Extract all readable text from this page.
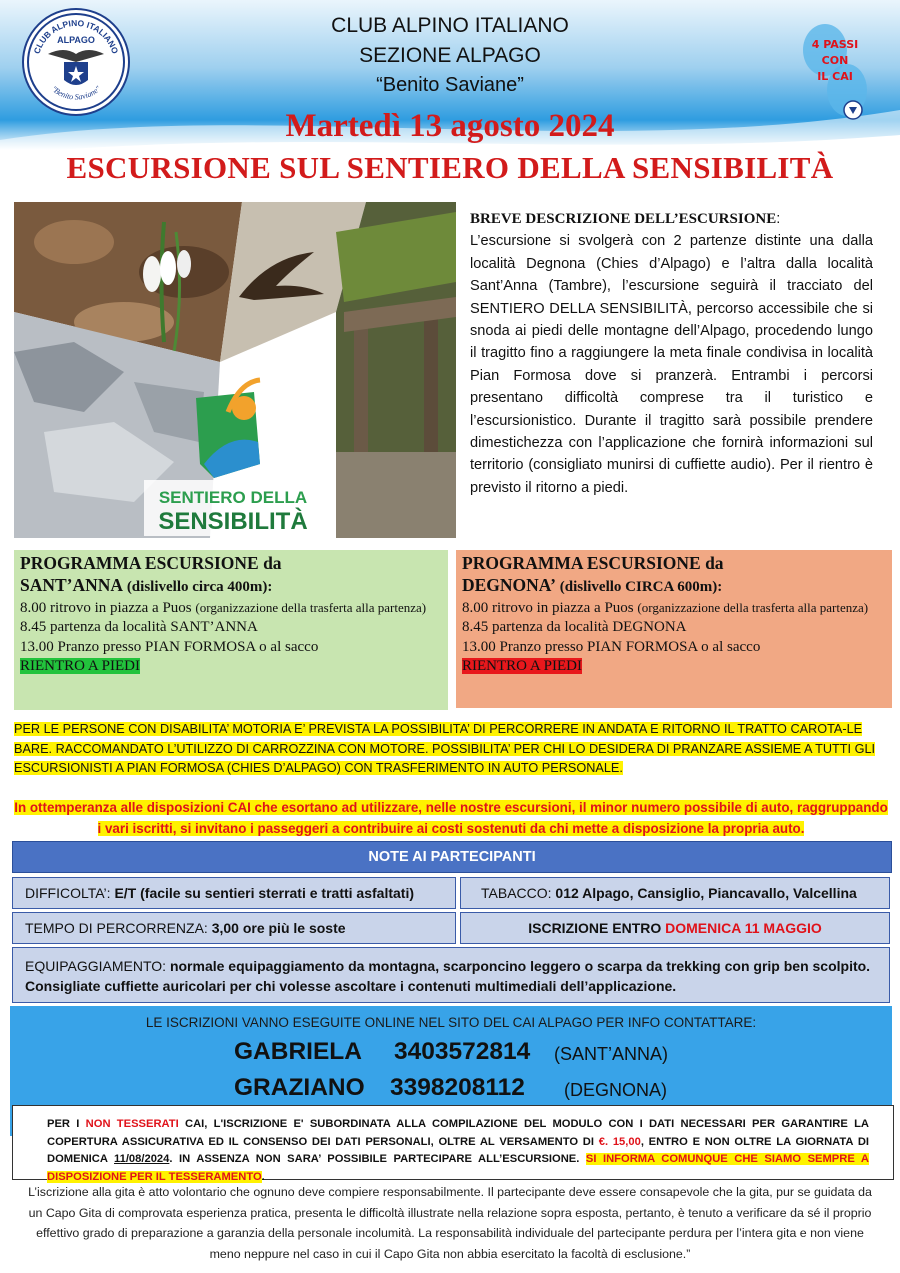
CLUB ALPINO ITALIANO
ALPAGO
"Benito Saviane"
4 PASSI
CON
IL CAI
CLUB ALPINO ITALIANO
SEZIONE ALPAGO
“Benito Saviane”
Martedì 13 agosto 2024
ESCURSIONE SUL SENTIERO DELLA SENSIBILITÀ
SENTIERO DELLA
SENSIBILITÀ
BREVE DESCRIZIONE DELL’ESCURSIONE:
L’escursione si svolgerà con 2 partenze distinte una dalla località Degnona (Chies d’Alpago) e l’altra dalla località Sant’Anna (Tambre), l’escursione seguirà il tracciato del SENTIERO DELLA SENSIBILITÀ, percorso accessibile che si snoda ai piedi delle montagne dell’Alpago, procedendo lungo il tragitto fino a raggiungere la meta finale condivisa in località Pian Formosa dove si pranzerà. Entrambi i percorsi presentano difficoltà comprese tra il turistico e l’escursionistico. Durante il tragitto sarà possibile prendere dimestichezza con l’applicazione che fornirà informazioni sul territorio (consigliato munirsi di cuffiette audio). Per il rientro è previsto il ritorno a piedi.
PROGRAMMA ESCURSIONE da
SANT’ANNA (dislivello circa 400m):
8.00 ritrovo in piazza a Puos (organizzazione della trasferta alla partenza)
8.45 partenza da località SANT’ANNA
13.00 Pranzo presso PIAN FORMOSA o al sacco
RIENTRO A PIEDI
PROGRAMMA ESCURSIONE da
DEGNONA’ (dislivello CIRCA 600m):
8.00 ritrovo in piazza a Puos (organizzazione della trasferta alla partenza)
8.45 partenza da località DEGNONA
13.00 Pranzo presso PIAN FORMOSA o al sacco
RIENTRO A PIEDI
PER LE PERSONE CON DISABILITA’ MOTORIA E’ PREVISTA LA POSSIBILITA’ DI PERCORRERE IN ANDATA E RITORNO IL TRATTO CAROTA-LE BARE. RACCOMANDATO L’UTILIZZO DI CARROZZINA CON MOTORE. POSSIBILITA’ PER CHI LO DESIDERA DI PRANZARE ASSIEME A TUTTI GLI ESCURSIONISTI A PIAN FORMOSA (CHIES D’ALPAGO) CON TRASFERIMENTO IN AUTO PERSONALE.
In ottemperanza alle disposizioni CAI che esortano ad utilizzare, nelle nostre escursioni, il minor numero possibile di auto, raggruppando i vari iscritti, si invitano i passeggeri a contribuire ai costi sostenuti da chi mette a disposizione la propria auto.
NOTE AI PARTECIPANTI
DIFFICOLTA’: E/T (facile su sentieri sterrati e tratti asfaltati)	TABACCO: 012 Alpago, Cansiglio, Piancavallo, Valcellina
TEMPO DI PERCORRENZA: 3,00 ore più le soste	ISCRIZIONE ENTRO DOMENICA 11 MAGGIO
EQUIPAGGIAMENTO: normale equipaggiamento da montagna, scarponcino leggero o scarpa da trekking con grip ben scolpito. Consigliate cuffiette auricolari per chi volesse ascoltare i contenuti multimediali dell’applicazione.
LE ISCRIZIONI VANNO ESEGUITE ONLINE NEL SITO DEL CAI ALPAGO PER INFO CONTATTARE:
GABRIELA 3403572814 (SANT’ANNA)
GRAZIANO 3398208112 (DEGNONA)
PER I NON TESSERATI CAI, L'ISCRIZIONE E' SUBORDINATA ALLA COMPILAZIONE DEL MODULO CON I DATI NECESSARI PER GARANTIRE LA COPERTURA ASSICURATIVA ED IL CONSENSO DEI DATI PERSONALI, OLTRE AL VERSAMENTO DI €. 15,00, ENTRO E NON OLTRE LA GIORNATA DI DOMENICA 11/08/2024. IN ASSENZA NON SARA’ POSSIBILE PARTECIPARE ALL’ESCURSIONE. SI INFORMA COMUNQUE CHE SIAMO SEMPRE A DISPOSIZIONE PER IL TESSERAMENTO.
L’iscrizione alla gita è atto volontario che ognuno deve compiere responsabilmente. Il partecipante deve essere consapevole che la gita, pur se guidata da un Capo Gita di comprovata esperienza pratica, presenta le difficoltà illustrate nella relazione sopra esposta, pertanto, è tenuto a verificare da sé il proprio effettivo grado di preparazione a garanzia della personale incolumità. La responsabilità individuale del partecipante perdura per l’intera gita e non viene meno neppure nel caso in cui il Capo Gita non abbia esercitato la facoltà di esclusione.”
